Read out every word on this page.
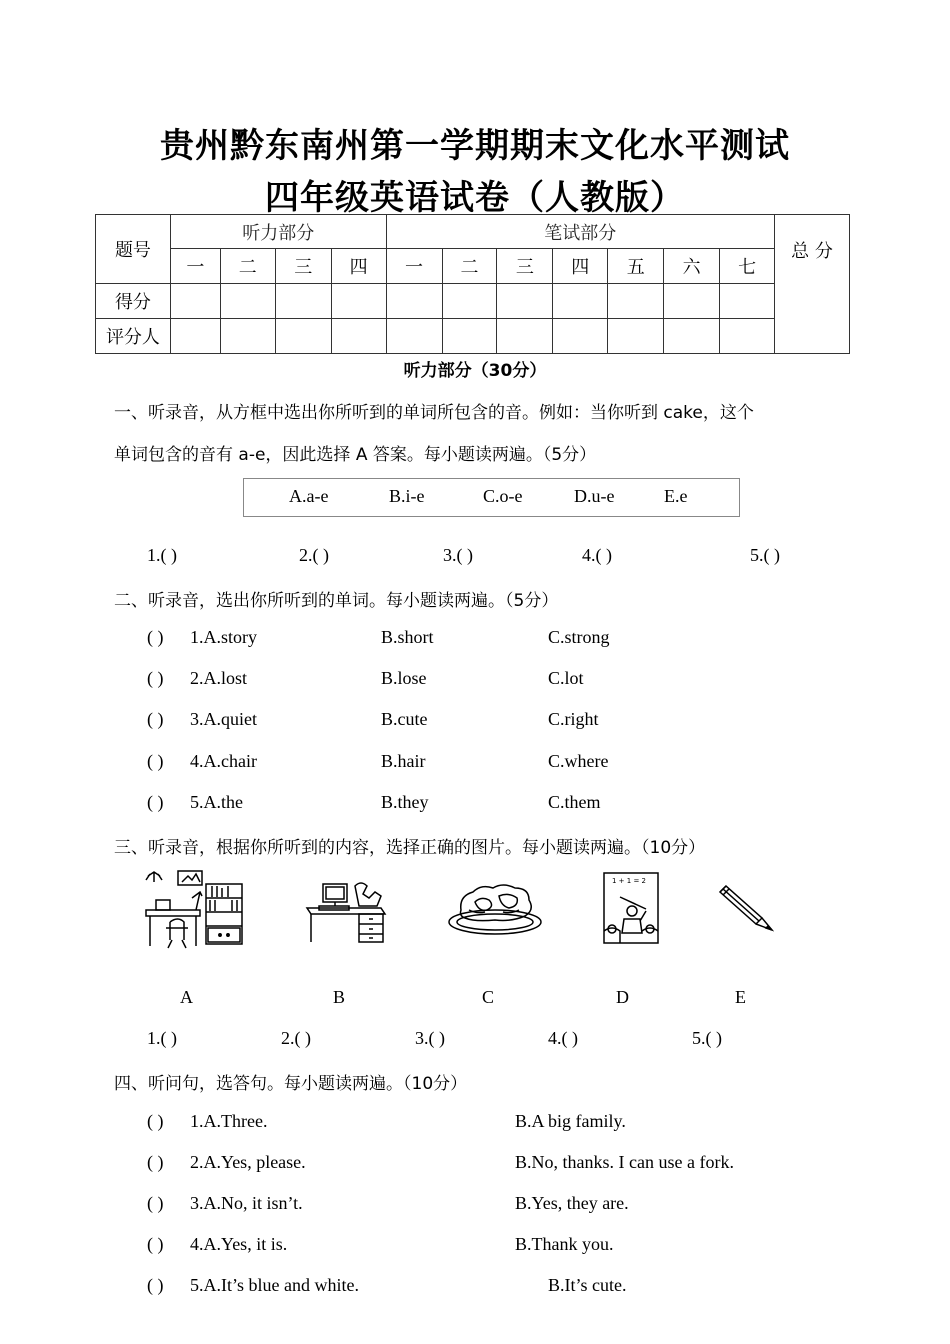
贵州黔东南州第一学期期末文化水平测试
四年级英语试卷（人教版）
题号	听力部分				笔试部分							总 分
	一	二	三	四	一	二	三	四	五	六	七	
得分												
评分人												
听力部分（30分）
一、听录音，从方框中选出你所听到的单词所包含的音。例如：当你听到 cake，这个
单词包含的音有 a-e，因此选择 A 答案。每小题读两遍。（5分）
A.a-e	B.i-e	C.o-e	D.u-e	E.e
1.( )	2.( )	3.( )	4.( )	5.( )
二、听录音，选出你所听到的单词。每小题读两遍。（5分）
( ) 1.A.story	B.short	C.strong
( ) 2.A.lost	B.lose	C.lot
( ) 3.A.quiet	B.cute	C.right
( ) 4.A.chair	B.hair	C.where
( ) 5.A.the	B.they	C.them
三、听录音，根据你所听到的内容，选择正确的图片。每小题读两遍。（10分）
1 + 1 = 2
A	B	C	D	E
1.( )	2.( )	3.( )	4.( )	5.( )
四、听问句，选答句。每小题读两遍。（10分）
( ) 1.A.Three.	B.A big family.
( ) 2.A.Yes, please.	B.No, thanks. I can use a fork.
( ) 3.A.No, it isn’t.	B.Yes, they are.
( ) 4.A.Yes, it is.	B.Thank you.
( ) 5.A.It’s blue and white.	B.It’s cute.
